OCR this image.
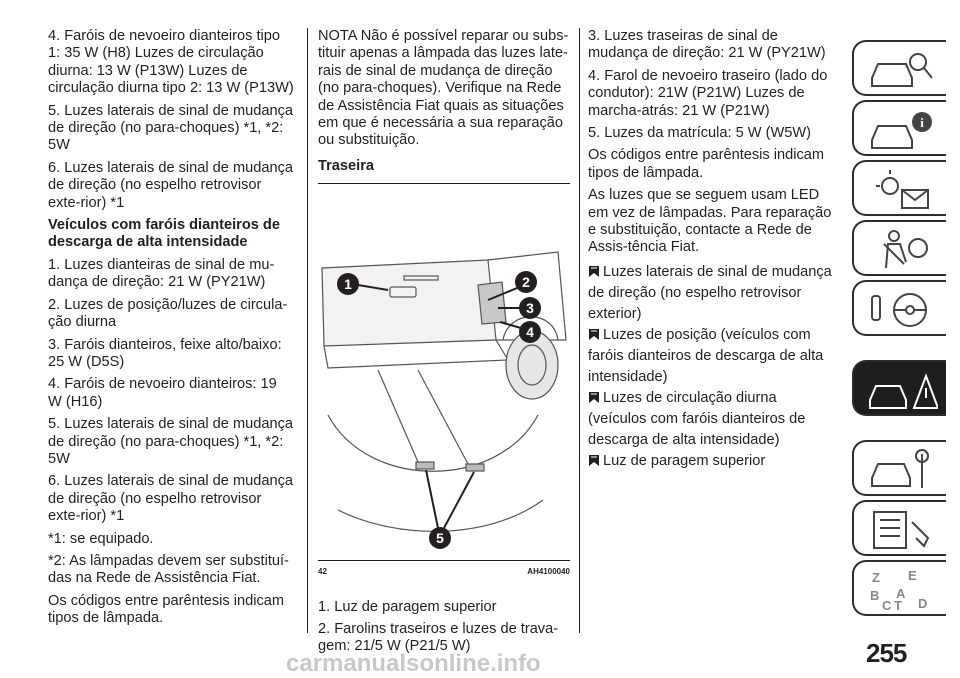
4. Faróis de nevoeiro dianteiros tipo 1: 35 W (H8) Luzes de circulação diurna: 13 W (P13W) Luzes de circulação diurna tipo 2: 13 W (P13W)

5. Luzes laterais de sinal de mudança de direção (no para-choques) *1, *2: 5W

6. Luzes laterais de sinal de mudança de direção (no espelho retrovisor exte-rior) *1

Veículos com faróis dianteiros de descarga de alta intensidade

1. Luzes dianteiras de sinal de mu-dança de direção: 21 W (PY21W)

2. Luzes de posição/luzes de circula-ção diurna

3. Faróis dianteiros, feixe alto/baixo: 25 W (D5S)

4. Faróis de nevoeiro dianteiros: 19 W (H16)

5. Luzes laterais de sinal de mudança de direção (no para-choques) *1, *2: 5W

6. Luzes laterais de sinal de mudança de direção (no espelho retrovisor exte-rior) *1

*1: se equipado.

*2: As lâmpadas devem ser substituí-das na Rede de Assistência Fiat.

Os códigos entre parêntesis indicam tipos de lâmpada.

NOTA Não é possível reparar ou subs-tituir apenas a lâmpada das luzes late-rais de sinal de mudança de direção (no para-choques). Verifique na Rede de Assistência Fiat quais as situações em que é necessária a sua reparação ou substituição.

Traseira
1	2
3
4
5
42	AH4100040

1. Luz de paragem superior

2. Farolins traseiros e luzes de trava-gem: 21/5 W (P21/5 W)

3. Luzes traseiras de sinal de mudança de direção: 21 W (PY21W)

4. Farol de nevoeiro traseiro (lado do condutor): 21W (P21W) Luzes de marcha-atrás: 21 W (P21W)

5. Luzes da matrícula: 5 W (W5W)

Os códigos entre parêntesis indicam tipos de lâmpada.

As luzes que se seguem usam LED em vez de lâmpadas. Para reparação e substituição, contacte a Rede de Assis-tência Fiat.

Luzes laterais de sinal de mudança de direção (no espelho retrovisor exterior)
Luzes de posição (veículos com faróis dianteiros de descarga de alta intensidade)
Luzes de circulação diurna (veículos com faróis dianteiros de descarga de alta intensidade)
Luz de paragem superior
i
Z E
B A
C T D
255
carmanualsonline.info
